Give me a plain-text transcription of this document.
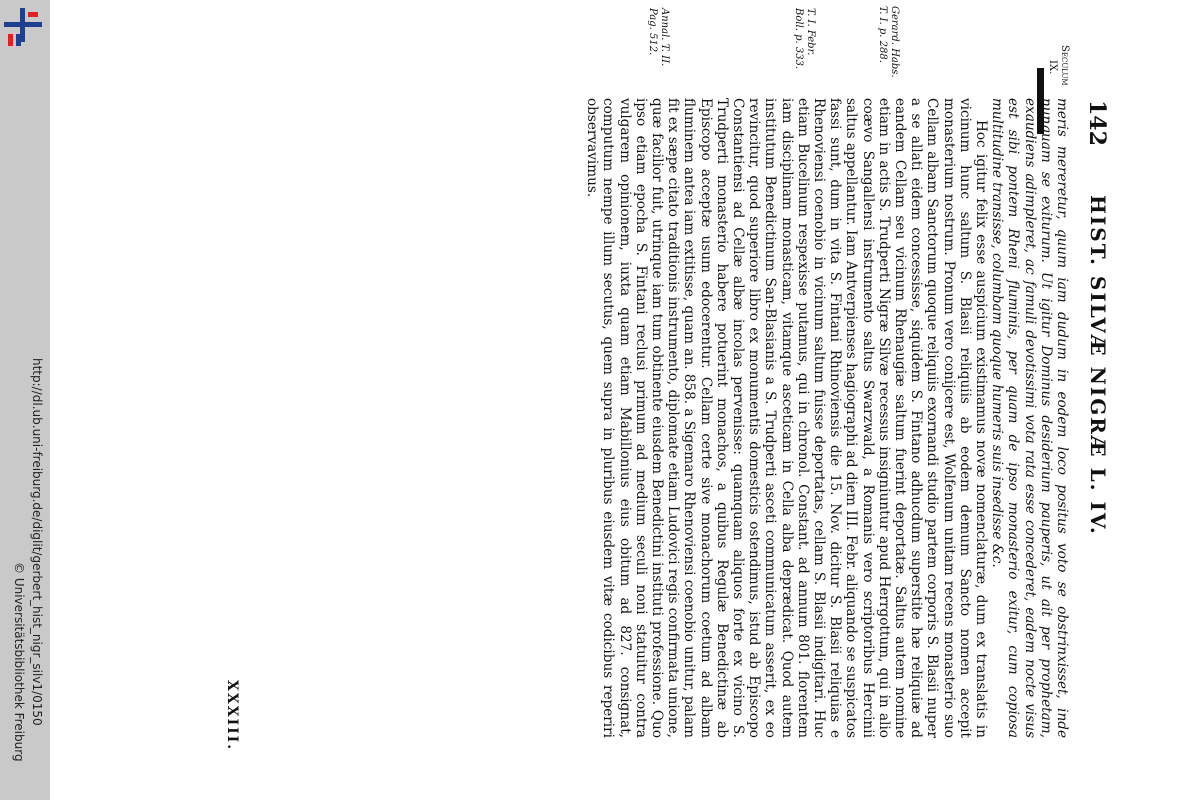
http://dl.ub.uni-freiburg.de/diglit/gerbert_hist_nigr_silv1/0150
© Universitätsbibliothek Freiburg
142
HIST. SILVÆ NIGRÆ L. IV.
Seculum
IX.
Gerard. Habs.
T. I. p. 288.
T. I. Febr.
Boll. p. 333.
Annal. T. II.
Pag. 512.

meris mereretur, quum iam dudum in eodem loco positus voto se obstrinxisset, inde nunquam se exiturum. Ut igitur Dominus desiderium pauperis, ut ait per prophetam, exaudiens adimpleret, ac famuli devotissimi vota rata esse concederet, eadem nocte visus est sibi pontem Rheni fluminis, per quam de ipso monasterio exitur, cum copiosa multitudine transisse, columbam quoque humeris suis insedisse &c.

Hoc igitur felix esse auspicium existimamus novæ nomenclaturæ, dum ex translatis in vicinum hunc saltum S. Blasii reliquiis ab eodem demum Sancto nomen accepit monasterium nostrum. Pronum vero conijcere est, Wolfenum unitam recens monasterio suo Cellam albam Sanctorum quoque reliquiis exornandi studio partem corporis S. Blasii nuper a se allati eidem concessisse, siquidem S. Fintano adhucdum superstite hæ reliquiæ ad eandem Cellam seu vicinum Rhenaugiæ saltum fuerint deportatæ. Saltus autem nomine etiam in actis S. Trudperti Nigræ Silvæ recessus insigniuntur apud Herrgottum, qui in alio coævo Sangallensi instrumento saltus Swarzwald, a Romanis vero scriptoribus Hercinii saltus appellantur. Iam Antverpienses hagiographi ad diem III. Febr. aliquando se suspicatos fassi sunt, dum in vita S. Fintani Rhinoviensis die 15. Nov. dicitur S. Blasii reliquias e Rhenoviensi coenobio in vicinum saltum fuisse deportatas, cellam S. Blasii indigitari. Huc etiam Bucelinum respexisse putamus, qui in chronol. Constant. ad annum 801. florentem iam disciplinam monasticam, vitamque asceticam in Cella alba deprædicat. Quod autem institutum Benedictinum San-Blasianis a S. Trudperti asceti communicatum asserit, ex eo revincitur, quod superiore libro ex monumentis domesticis ostendimus, istud ab Episcopo Constantiensi ad Cellæ albæ incolas pervenisse: quamquam aliquos forte ex vicino S. Trudperti monasterio habere potuerint monachos, a quibus Regulæ Benedictinæ ab Episcopo acceptæ usum edocerentur. Cellam certe sive monachorum coetum ad albam fluminem antea iam extitisse, quam an. 858. a Sigemaro Rhenoviensi coenobio unitur, palam fit ex sæpe citato traditionis instrumento, diplomate etiam Ludovici regis confirmata unione, quæ facilior fuit, utrinque iam tum obtinente eiusdem Benedictini instituti professione. Quo ipso etiam epocha S. Fintani reclusi primum ad medium seculi noni statuitur contra vulgarem opinionem, iuxta quam etiam Mabillonius eius obitum ad 827. consignat, computum nempe illum secutus, quem supra in pluribus eiusdem vitæ codicibus reperiri observavimus.

XXXIII.
